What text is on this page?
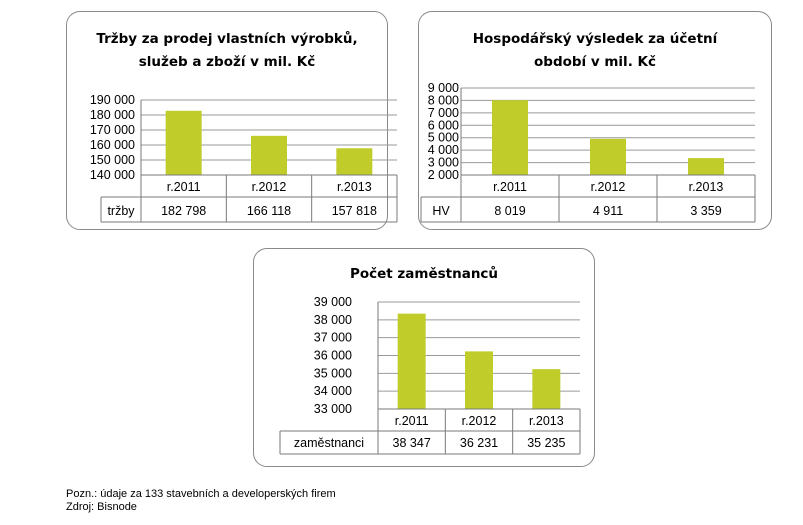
Tržby za prodej vlastních výrobků,
služeb a zboží v mil. Kč
140 000
150 000
160 000
170 000
180 000
190 000
r.2011
182 798
r.2012
166 118
r.2013
157 818
tržby
Hospodářský výsledek za účetní
období v mil. Kč
2 000
3 000
4 000
5 000
6 000
7 000
8 000
9 000
r.2011
8 019
r.2012
4 911
r.2013
3 359
HV
Počet zaměstnanců
33 000
34 000
35 000
36 000
37 000
38 000
39 000
r.2011
38 347
r.2012
36 231
r.2013
35 235
zaměstnanci
Pozn.: údaje za 133 stavebních a developerských firem
Zdroj: Bisnode
